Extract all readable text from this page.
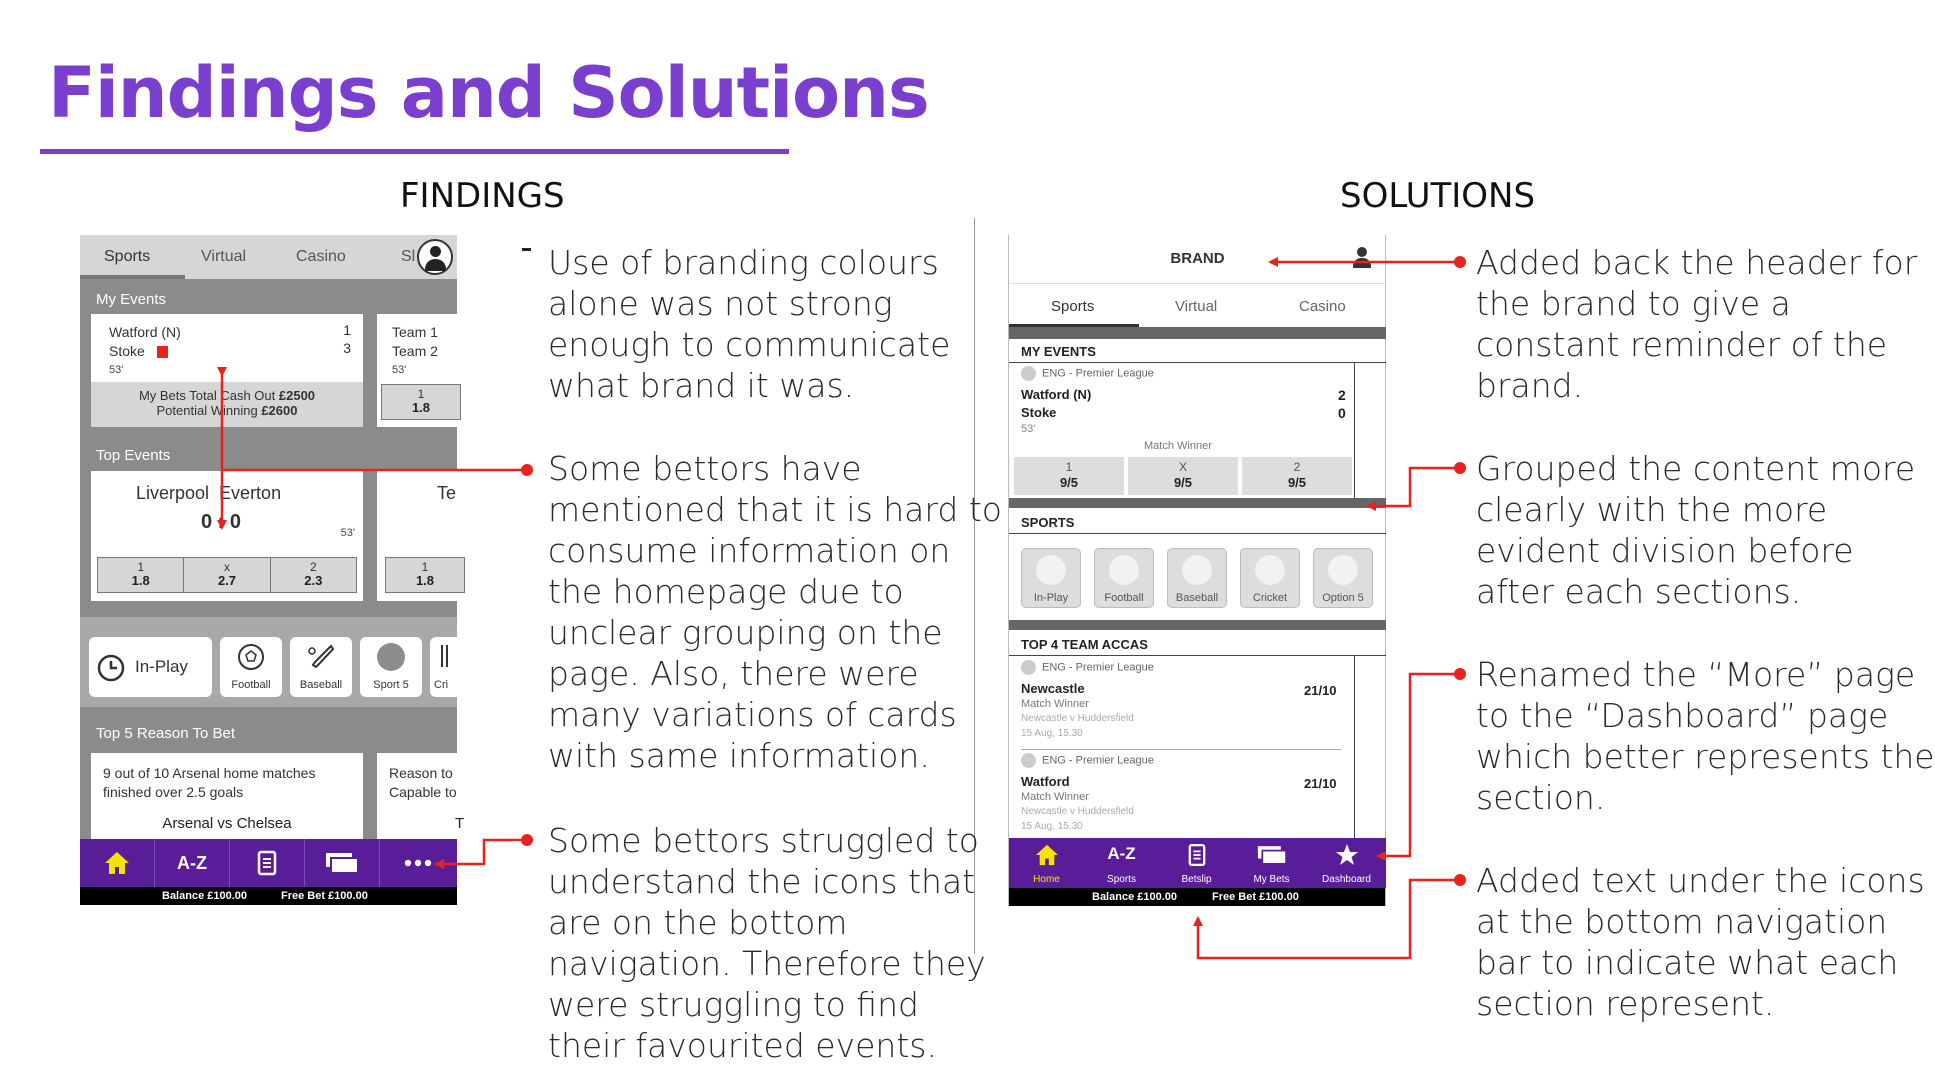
Findings and Solutions
FINDINGS	SOLUTIONS
Sports	Virtual	Casino	Sl
My Events
Watford (N)
Stoke
1
3
53'
My Bets Total Cash Out £2500
Potential Winning £2600
Team 1
Team 2
53'
1
1.8
Top Events
Liverpool  Everton
0 : 0	53'
1
1.8
x
2.7
2
2.3
Te
1
1.8
In-Play
Football	Baseball	Sport 5	Cri
Top 5 Reason To Bet
9 out of 10 Arsenal home matches
finished over 2.5 goals
Arsenal vs Chelsea
Reason to
Capable to
T
A-Z
Balance £100.00	Free Bet £100.00
BRAND
Sports	Virtual	Casino
MY EVENTS
ENG - Premier League
Watford (N)
Stoke
2
0
53'
Match Winner
1
9/5
X
9/5
2
9/5
SPORTS
In-Play	Football	Baseball	Cricket	Option 5
TOP 4 TEAM ACCAS
ENG - Premier League
Newcastle	21/10
Match Winner
Newcastle v Huddersfield
15 Aug, 15.30
ENG - Premier League
Watford	21/10
Match Winner
Newcastle v Huddersfield
15 Aug, 15.30
Home
A-Z
Sports	Betslip	My Bets	Dashboard
Balance £100.00	Free Bet £100.00
Use of branding colours
alone was not strong
enough to communicate
what brand it was.
Some bettors have
mentioned that it is hard to
consume information on
the homepage due to
unclear grouping on the
page. Also, there were
many variations of cards
with same information.
Some bettors struggled to
understand the icons that
are on the bottom
navigation. Therefore they
were struggling to find
their favourited events.
Added back the header for
the brand to give a
constant reminder of the
brand.
Grouped the content more
clearly with the more
evident division before
after each sections.
Renamed the “More” page
to the “Dashboard” page
which better represents the
section.
Added text under the icons
at the bottom navigation
bar to indicate what each
section represent.
